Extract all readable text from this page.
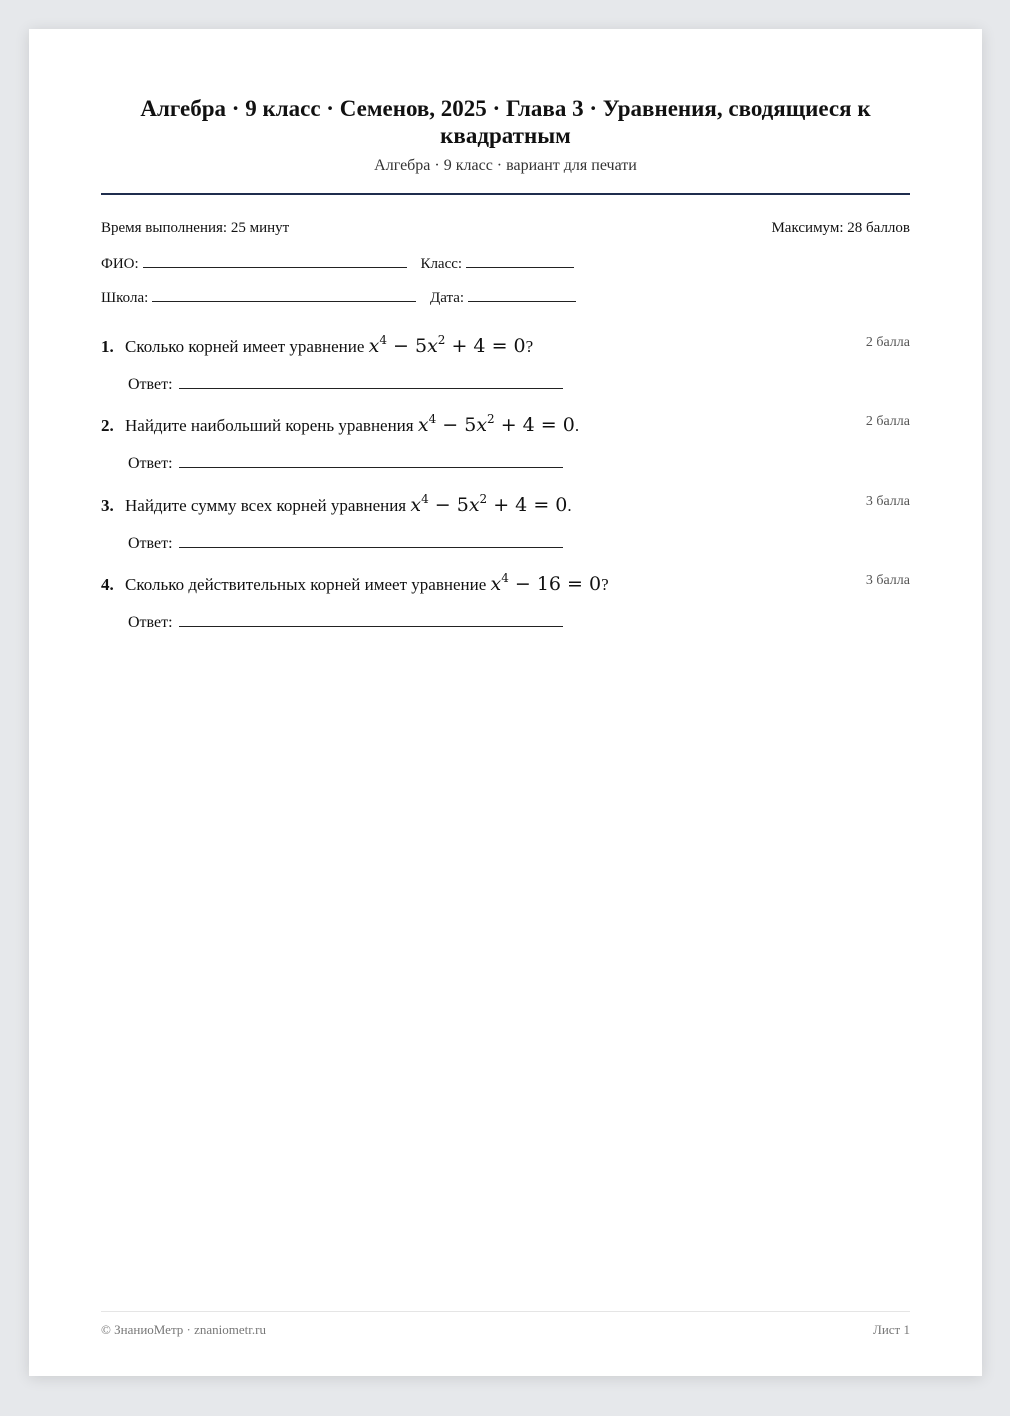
Алгебра · 9 класс · Семенов, 2025 · Глава 3 · Уравнения, сводящиеся к квадратным
Алгебра · 9 класс · вариант для печати
Время выполнения: 25 минут	Максимум: 28 баллов
ФИО:	Класс:
Школа:	Дата:
1. Сколько корней имеет уравнение $x^4 - 5x^2 + 4 = 0$?	2 балла
Ответ:
2. Найдите наибольший корень уравнения $x^4 - 5x^2 + 4 = 0$.	2 балла
Ответ:
3. Найдите сумму всех корней уравнения $x^4 - 5x^2 + 4 = 0$.	3 балла
Ответ:
4. Сколько действительных корней имеет уравнение $x^4 - 16 = 0$?	3 балла
Ответ:
© ЗнаниоМетр · znaniometr.ru	Лист 1
